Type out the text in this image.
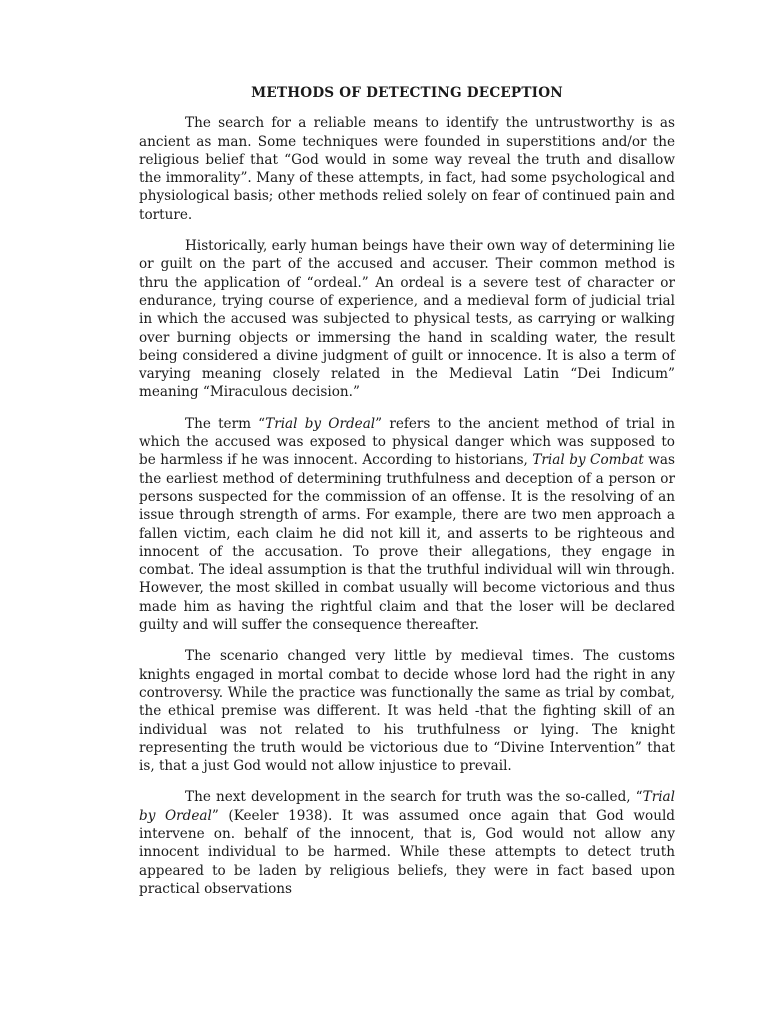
METHODS OF DETECTING DECEPTION

The search for a reliable means to identify the untrustworthy is as ancient as man. Some techniques were founded in superstitions and/or the religious belief that “God would in some way reveal the truth and disallow the immorality”. Many of these attempts, in fact, had some psychological and physiological basis; other methods relied solely on fear of continued pain and torture.

Historically, early human beings have their own way of determining lie or guilt on the part of the accused and accuser. Their common method is thru the application of “ordeal.” An ordeal is a severe test of character or endurance, trying course of experience, and a medieval form of judicial trial in which the accused was subjected to physical tests, as carrying or walking over burning objects or immersing the hand in scalding water, the result being considered a divine judgment of guilt or innocence. It is also a term of varying meaning closely related in the Medieval Latin “Dei Indicum” meaning “Miraculous decision.”

The term “Trial by Ordeal” refers to the ancient method of trial in which the accused was exposed to physical danger which was supposed to be harmless if he was innocent. According to historians, Trial by Combat was the earliest method of determining truthfulness and deception of a person or persons suspected for the commission of an offense. It is the resolving of an issue through strength of arms. For example, there are two men approach a fallen victim, each claim he did not kill it, and asserts to be righteous and innocent of the accusation. To prove their allegations, they engage in combat. The ideal assumption is that the truthful individual will win through. However, the most skilled in combat usually will become victorious and thus made him as having the rightful claim and that the loser will be declared guilty and will suffer the consequence thereafter.

The scenario changed very little by medieval times. The customs knights engaged in mortal combat to decide whose lord had the right in any controversy. While the practice was functionally the same as trial by combat, the ethical premise was different. It was held -that the fighting skill of an individual was not related to his truthfulness or lying. The knight representing the truth would be victorious due to “Divine Intervention” that is, that a just God would not allow injustice to prevail.

The next development in the search for truth was the so-called, “Trial by Ordeal” (Keeler 1938). It was assumed once again that God would intervene on. behalf of the innocent, that is, God would not allow any innocent individual to be harmed. While these attempts to detect truth appeared to be laden by religious beliefs, they were in fact based upon practical observations
